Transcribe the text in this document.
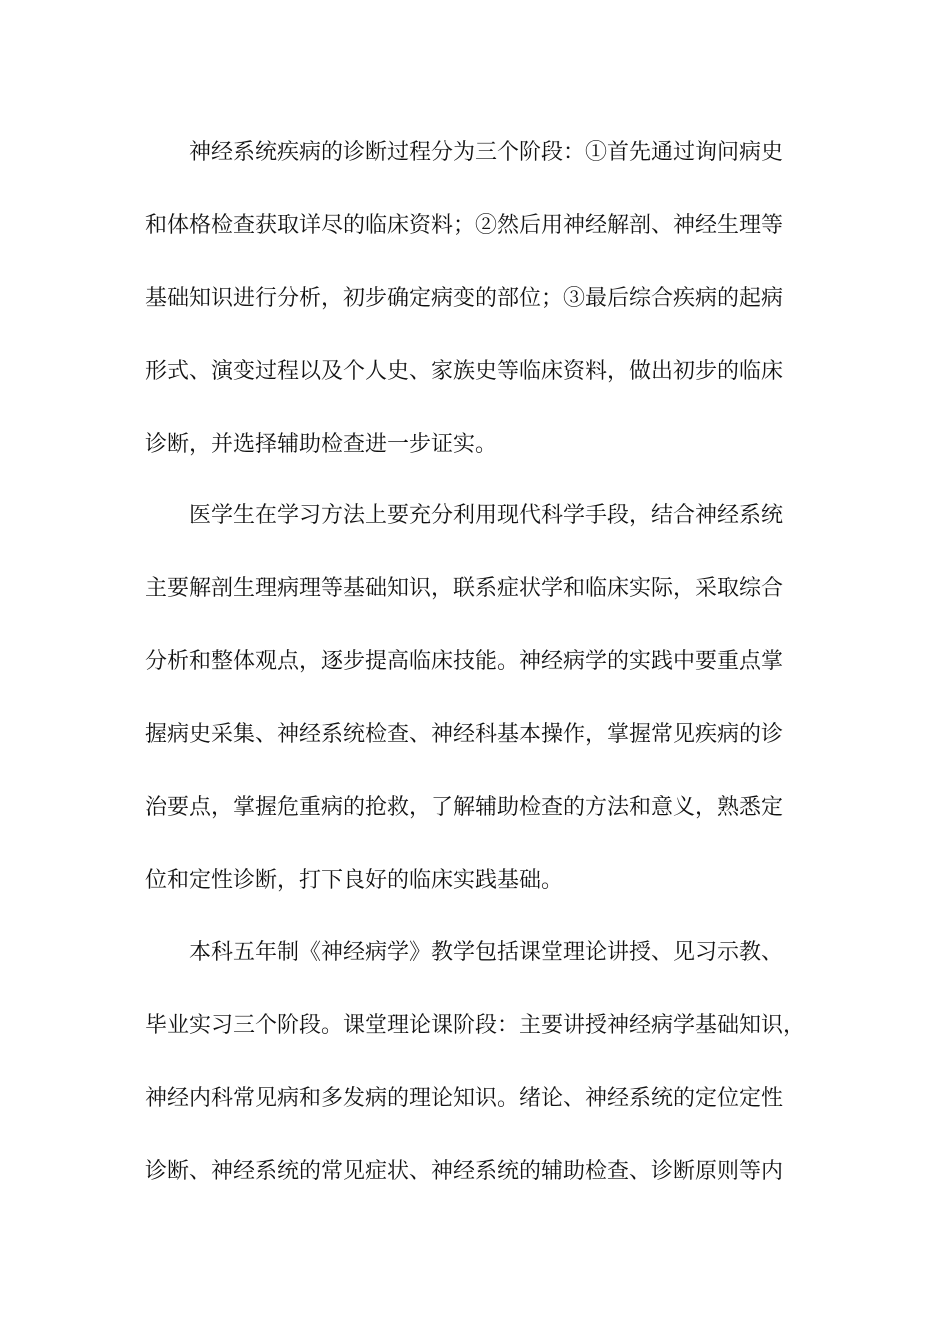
神经系统疾病的诊断过程分为三个阶段：①首先通过询问病史
和体格检查获取详尽的临床资料；②然后用神经解剖、神经生理等
基础知识进行分析，初步确定病变的部位；③最后综合疾病的起病
形式、演变过程以及个人史、家族史等临床资料，做出初步的临床
诊断，并选择辅助检查进一步证实。
医学生在学习方法上要充分利用现代科学手段，结合神经系统
主要解剖生理病理等基础知识，联系症状学和临床实际，采取综合
分析和整体观点，逐步提高临床技能。神经病学的实践中要重点掌
握病史采集、神经系统检查、神经科基本操作，掌握常见疾病的诊
治要点，掌握危重病的抢救，了解辅助检查的方法和意义，熟悉定
位和定性诊断，打下良好的临床实践基础。
本科五年制《神经病学》教学包括课堂理论讲授、见习示教、
毕业实习三个阶段。课堂理论课阶段：主要讲授神经病学基础知识，
神经内科常见病和多发病的理论知识。绪论、神经系统的定位定性
诊断、神经系统的常见症状、神经系统的辅助检查、诊断原则等内
